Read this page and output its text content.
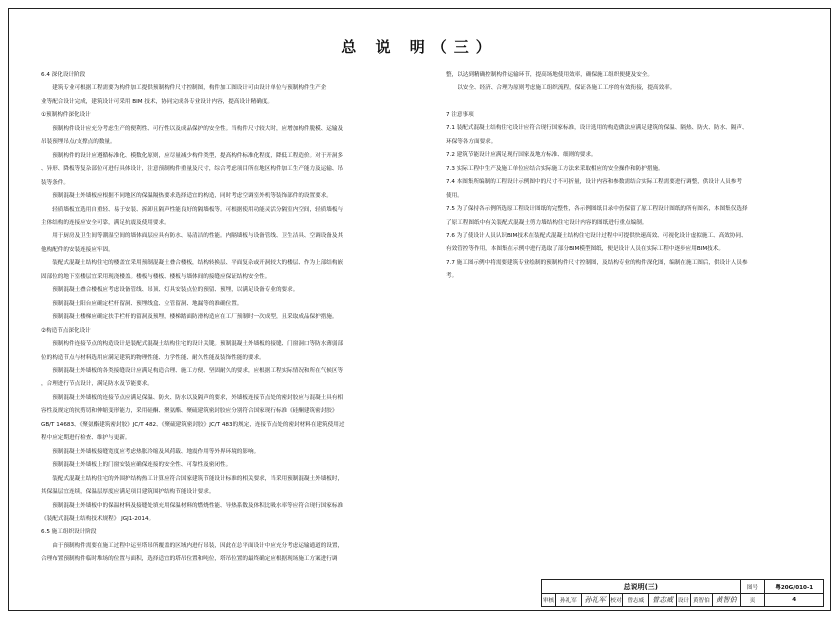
总 说 明（三）
6.4 深化设计阶段
　　建筑专业可根据工程需要为构件加工提供预制构件尺寸控制图，构件加工图设计可由设计单位与预制构件生产企
业等配合设计完成，建筑设计可采用 BIM 技术，协同完成各专业设计内容，提高设计精确度。
①预制构件深化设计
　　预制构件设计应充分考虑生产的便利性、可行性以及成品保护的安全性。当构件尺寸较大时，应增加构件脱模、运输及
吊装预埋吊点/支撑点的数量。
　　预制构件的设计应遵循标准化、模数化原则，应尽量减少构件类型，提高构件标准化程度，降低工程造价。对于开洞多
、异形、降板等复杂部位可进行具体设计，注意预制构件重量及尺寸，综合考虑项目所在地区构件加工生产能力及运输、吊
装等条件。
　　预制混凝土外墙板应根据不同地区的保温隔热要求选择适宜的构造，同时考虑空调室外机等装饰部件的设置要求。
　　轻质墙板宜选用自重轻、易于安装、拆卸且隔声性能良好的隔墙板等。可根据使用功能灵活分隔室内空间，轻质墙板与
主体结构的连接应安全可靠，满足抗震及使用要求。
　　用于厨房及卫生间等潮湿空间的墙体面层应具有防水、易清洁的性能。内隔墙板与设备管线、卫生洁具、空调设备及其
他构配件的安装连接应牢固。
　　装配式混凝土结构住宅的楼盖宜采用预制混凝土叠合楼板，结构转换层、平面复杂或开洞较大的楼层、作为上部结构嵌
固部位的地下室楼层宜采用现浇楼盖。楼板与楼板、楼板与墙体间的接缝应保证结构安全性。
　　预制混凝土叠合楼板应考虑设备管线、吊顶、灯具安装点位的预留、预埋，以满足设备专业的要求。
　　预制混凝土阳台应确定栏杆留洞、预埋线盒、立管留洞、地漏等的准确位置。
　　预制混凝土楼梯应确定扶手栏杆的留洞及预埋，楼梯踏面防滑构造应在工厂预制时一次成型，且采取成品保护措施。
②构造节点深化设计
　　预制构件连接节点的构造设计是装配式混凝土结构住宅的设计关键。预制混凝土外墙板的接缝、门窗洞口等防水薄弱部
位的构造节点与材料选用应满足建筑的物理性能、力学性能、耐久性能及装饰性能的要求。
　　预制混凝土外墙板的各类接缝设计应满足构造合理、施工方便、坚固耐久的要求，应根据工程实际情况和所在气候区等
，合理进行节点设计，满足防水及节能要求。
　　预制混凝土外墙板的连接节点应满足保温、防火、防水以及隔声的要求，外墙板连接节点处的密封胶应与混凝土具有相
容性及规定的抗剪切和伸缩变形能力，采用硅酮、聚氨酯、聚硫建筑密封胶应分别符合国家现行标准《硅酮建筑密封胶》
GB/T 14683、《聚氨酯建筑密封胶》JC/T 482、《聚硫建筑密封胶》JC/T 483的规定，连接节点处的密封材料在建筑使用过
程中应定期进行检查、维护与更新。
　　预制混凝土外墙板接缝宽度应考虑热胀冷缩及风荷载、地震作用等外界环境的影响。
　　预制混凝土外墙板上的门窗安装应确保连接的安全性、可靠性及密闭性。
　　装配式混凝土结构住宅的外围护结构热工计算应符合国家建筑节能设计标准的相关要求，当采用预制混凝土外墙板时，
其保温层宜连续，保温层厚度应满足项目建筑围护结构节能设计要求。
　　预制混凝土外墙板中的保温材料及接缝处填充用保温材料的燃烧性能、导热系数及体积比吸水率等应符合现行国家标准
《装配式混凝土结构技术规程》 JGJ1-2014。
6.5 施工组织设计阶段
　　由于预制构件需要在施工过程中运至塔吊所覆盖的区域内进行吊装，因此在总平面设计中应充分考虑运输通道的设置，
合理布置预制构件临时堆场的位置与面积，选择适宜的塔吊位置和吨位，塔吊位置的最终确定应根据现场施工方案进行调
整，以达到精确控制构件运输环节，提高场地使用效率，确保施工组织便捷及安全。
　　以安全、经济、合理为原则考虑施工组织流程，保证各施工工序的有效衔接，提高效率。
7 注意事项
7.1 装配式混凝土结构住宅设计应符合现行国家标准，设计选用的构造做法应满足建筑的保温、隔热、防火、防水、隔声、
环保等各方面要求。
7.2 建筑节能设计应满足现行国家及地方标准、细则的要求。
7.3 实际工程中生产及施工单位应结合实际施工方法来采取相应的安全操作和防护措施。
7.4 本图集所编制的工程设计示例图中的尺寸不可折量，设计内容和参数需结合实际工程需要进行调整，供设计人员参考
使用。
7.5 为了保持各示例所选原工程设计图纸的完整性，各示例图纸目录中仍保留了原工程设计图纸的所有图名，本图集仅选择
了原工程图纸中有关装配式混凝土剪力墙结构住宅设计内容的图纸进行重点编制。
7.6 为了使设计人员认识BIM技术在装配式混凝土结构住宅设计过程中可提供快速高效、可视化设计虚拟施工、高效协同、
有效管控等作用，本图集在示例中进行选取了部分BIM模型图纸，便是设计人员在实际工程中逐步应用BIM技术。
7.7 施工图示例中将需要建筑专业绘制的预制构件尺寸控制图，及结构专业的构件深化图，编制在施工图后，供设计人员参
考。
总说明(三)	图号	粤20G/010-1
审核	孙礼军	孙礼军 校对	曾志威	曾志威 设计 黄智伯 黄智伯	页	4
